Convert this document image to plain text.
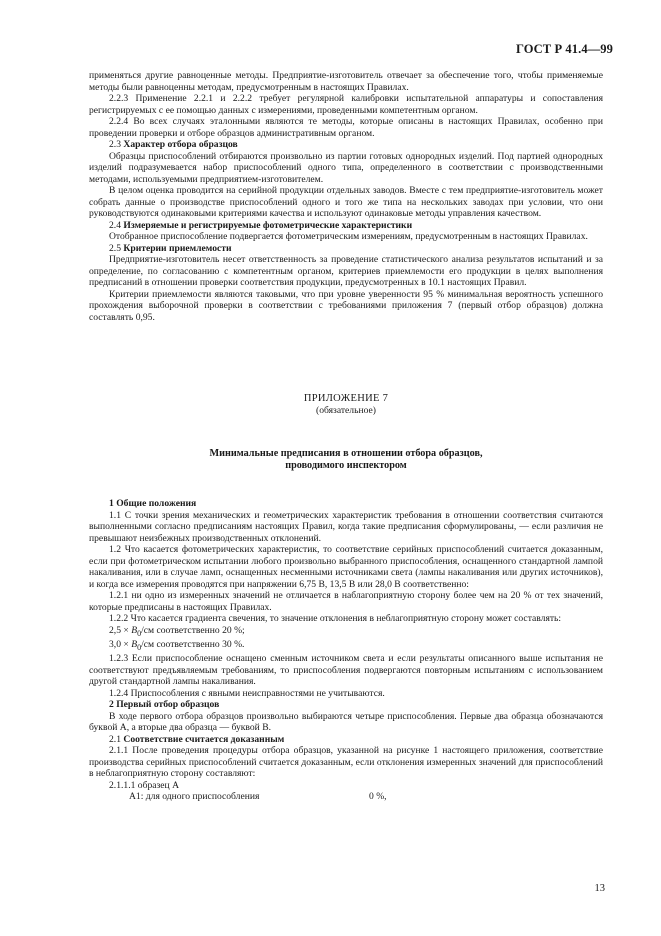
ГОСТ Р 41.4—99

применяться другие равноценные методы. Предприятие-изготовитель отвечает за обеспечение того, чтобы применяемые методы были равноценны методам, предусмотренным в настоящих Правилах.

2.2.3 Применение 2.2.1 и 2.2.2 требует регулярной калибровки испытательной аппаратуры и сопоставления регистрируемых с ее помощью данных с измерениями, проведенными компетентным органом.

2.2.4 Во всех случаях эталонными являются те методы, которые описаны в настоящих Правилах, особенно при проведении проверки и отборе образцов административным органом.

2.3 Характер отбора образцов

Образцы приспособлений отбираются произвольно из партии готовых однородных изделий. Под партией однородных изделий подразумевается набор приспособлений одного типа, определенного в соответствии с производственными методами, используемыми предприятием-изготовителем.

В целом оценка проводится на серийной продукции отдельных заводов. Вместе с тем предприятие-изготовитель может собрать данные о производстве приспособлений одного и того же типа на нескольких заводах при условии, что они руководствуются одинаковыми критериями качества и используют одинаковые методы управления качеством.

2.4 Измеряемые и регистрируемые фотометрические характеристики

Отобранное приспособление подвергается фотометрическим измерениям, предусмотренным в настоящих Правилах.

2.5 Критерии приемлемости

Предприятие-изготовитель несет ответственность за проведение статистического анализа результатов испытаний и за определение, по согласованию с компетентным органом, критериев приемлемости его продукции в целях выполнения предписаний в отношении проверки соответствия продукции, предусмотренных в 10.1 настоящих Правил.

Критерии приемлемости являются таковыми, что при уровне уверенности 95 % минимальная вероятность успешного прохождения выборочной проверки в соответствии с требованиями приложения 7 (первый отбор образцов) должна составлять 0,95.

ПРИЛОЖЕНИЕ 7
(обязательное)
Минимальные предписания в отношении отбора образцов,
проводимого инспектором

1 Общие положения

1.1 С точки зрения механических и геометрических характеристик требования в отношении соответствия считаются выполненными согласно предписаниям настоящих Правил, когда такие предписания сформулированы, — если различия не превышают неизбежных производственных отклонений.

1.2 Что касается фотометрических характеристик, то соответствие серийных приспособлений считается доказанным, если при фотометрическом испытании любого произвольно выбранного приспособления, оснащенного стандартной лампой накаливания, или в случае ламп, оснащенных несменными источниками света (лампы накаливания или других источников), и когда все измерения проводятся при напряжении 6,75 В, 13,5 В или 28,0 В соответственно:

1.2.1 ни одно из измеренных значений не отличается в наблагоприятную сторону более чем на 20 % от тех значений, которые предписаны в настоящих Правилах.

1.2.2 Что касается градиента свечения, то значение отклонения в неблагоприятную сторону может составлять:

$2,5 \times B_0/см$ соответственно 20 %;

$3,0 \times B_0/см$ соответственно 30 %.

1.2.3 Если приспособление оснащено сменным источником света и если результаты описанного выше испытания не соответствуют предъявляемым требованиям, то приспособления подвергаются повторным испытаниям с использованием другой стандартной лампы накаливания.

1.2.4 Приспособления с явными неисправностями не учитываются.

2 Первый отбор образцов

В ходе первого отбора образцов произвольно выбираются четыре приспособления. Первые два образца обозначаются буквой А, а вторые два образца — буквой В.

2.1 Соответствие считается доказанным

2.1.1 После проведения процедуры отбора образцов, указанной на рисунке 1 настоящего приложения, соответствие производства серийных приспособлений считается доказанным, если отклонения измеренных значений для приспособлений в неблагоприятную сторону составляют:

2.1.1.1 образец А

А1: для одного приспособления	0 %,
13
